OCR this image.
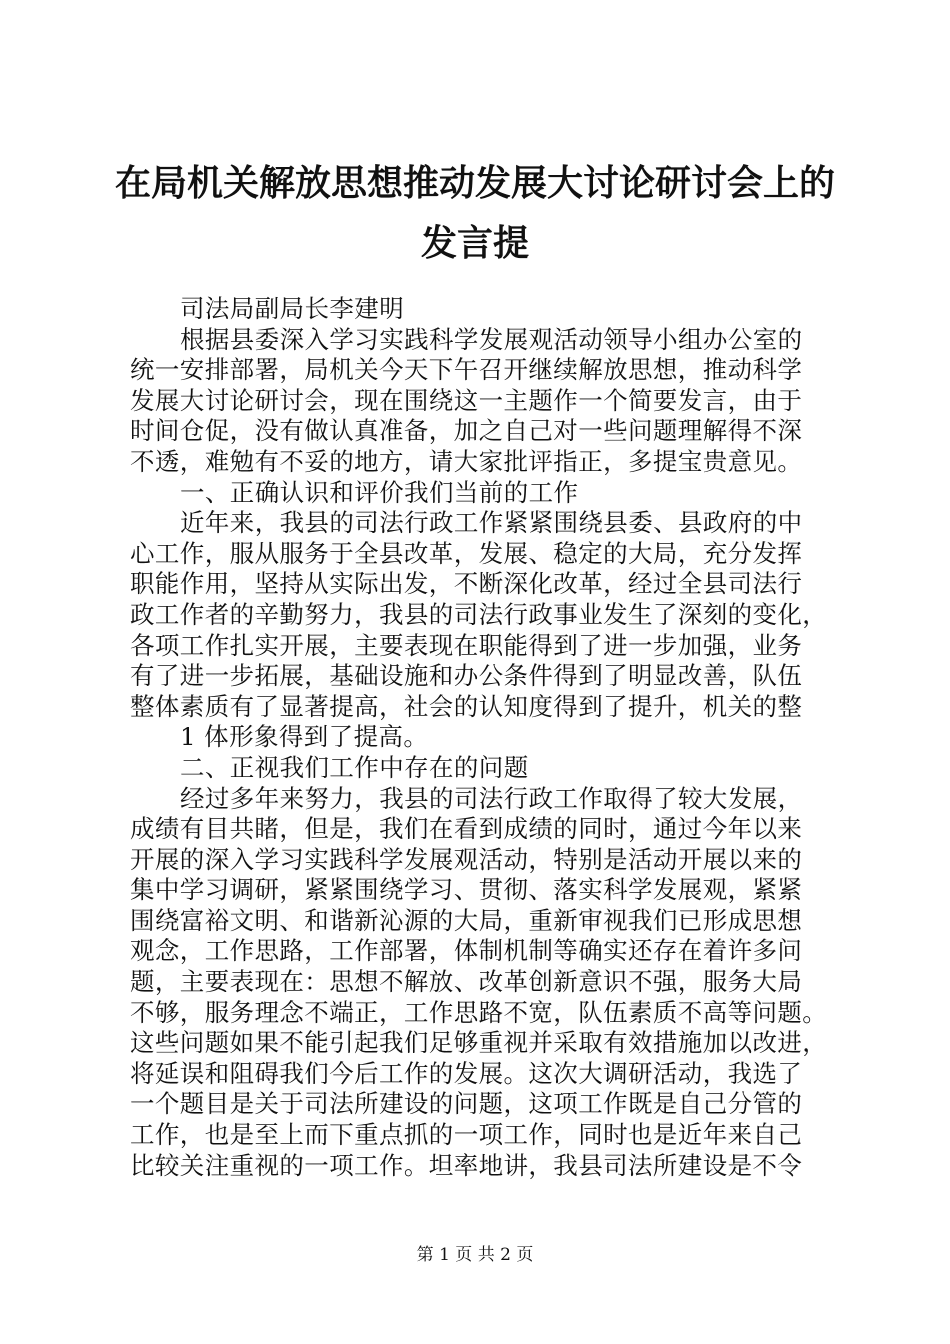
在局机关解放思想推动发展大讨论研讨会上的
发言提
司法局副局长李建明
根据县委深入学习实践科学发展观活动领导小组办公室的
统一安排部署，局机关今天下午召开继续解放思想，推动科学
发展大讨论研讨会，现在围绕这一主题作一个简要发言，由于
时间仓促，没有做认真准备，加之自己对一些问题理解得不深
不透，难勉有不妥的地方，请大家批评指正，多提宝贵意见。
一、正确认识和评价我们当前的工作
近年来，我县的司法行政工作紧紧围绕县委、县政府的中
心工作，服从服务于全县改革，发展、稳定的大局，充分发挥
职能作用，坚持从实际出发，不断深化改革，经过全县司法行
政工作者的辛勤努力，我县的司法行政事业发生了深刻的变化，
各项工作扎实开展，主要表现在职能得到了进一步加强，业务
有了进一步拓展，基础设施和办公条件得到了明显改善，队伍
整体素质有了显著提高，社会的认知度得到了提升，机关的整
1 体形象得到了提高。
二、正视我们工作中存在的问题
经过多年来努力，我县的司法行政工作取得了较大发展，
成绩有目共睹，但是，我们在看到成绩的同时，通过今年以来
开展的深入学习实践科学发展观活动，特别是活动开展以来的
集中学习调研，紧紧围绕学习、贯彻、落实科学发展观，紧紧
围绕富裕文明、和谐新沁源的大局，重新审视我们已形成思想
观念，工作思路，工作部署，体制机制等确实还存在着许多问
题，主要表现在：思想不解放、改革创新意识不强，服务大局
不够，服务理念不端正，工作思路不宽，队伍素质不高等问题。
这些问题如果不能引起我们足够重视并采取有效措施加以改进，
将延误和阻碍我们今后工作的发展。这次大调研活动，我选了
一个题目是关于司法所建设的问题，这项工作既是自己分管的
工作，也是至上而下重点抓的一项工作，同时也是近年来自己
比较关注重视的一项工作。坦率地讲，我县司法所建设是不令
第 1 页 共 2 页
